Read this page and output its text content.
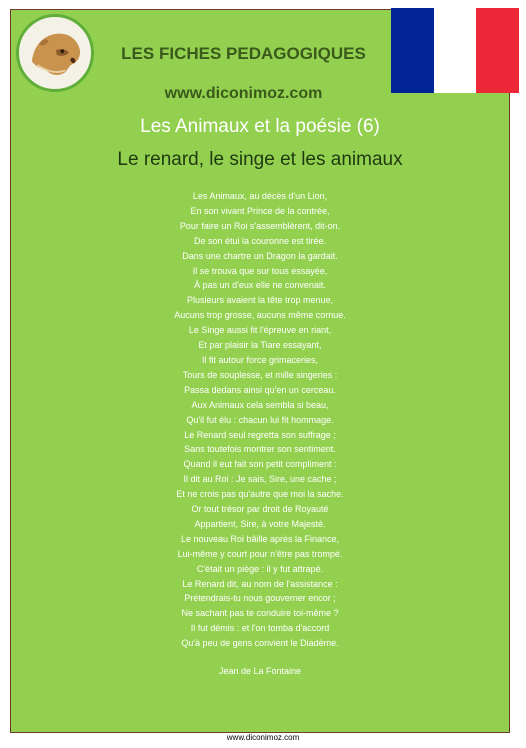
LES FICHES PEDAGOGIQUES
www.diconimoz.com
Les Animaux et la poésie (6)
Le renard, le singe et les animaux
Les Animaux, au décès d'un Lion,
En son vivant Prince de la contrée,
Pour faire un Roi s'assemblèrent, dit-on.
De son étui la couronne est tirée.
Dans une chartre un Dragon la gardait.
Il se trouva que sur tous essayée,
À pas un d'eux elle ne convenait.
Plusieurs avaient la tête trop menue,
Aucuns trop grosse, aucuns même cornue.
Le Singe aussi fit l'épreuve en riant,
Et par plaisir la Tiare essayant,
Il fit autour force grimaceries,
Tours de souplesse, et mille singeries :
Passa dedans ainsi qu'en un cerceau.
Aux Animaux cela sembla si beau,
Qu'il fut élu : chacun lui fit hommage.
Le Renard seul regretta son suffrage ;
Sans toutefois montrer son sentiment.
Quand il eut fait son petit compliment :
Il dit au Roi : Je sais, Sire, une cache ;
Et ne crois pas qu'autre que moi la sache.
Or tout trésor par droit de Royauté
Appartient, Sire, à votre Majesté.
Le nouveau Roi bâille après la Finance,
Lui-même y court pour n'être pas trompé.
C'était un piège : il y fut attrapé.
Le Renard dit, au nom de l'assistance :
Prétendrais-tu nous gouverner encor ;
Ne sachant pas te conduire toi-même ?
Il fut démis : et l'on tomba d'accord
Qu'à peu de gens convient le Diadème.
Jean de La Fontaine
www.diconimoz.com
